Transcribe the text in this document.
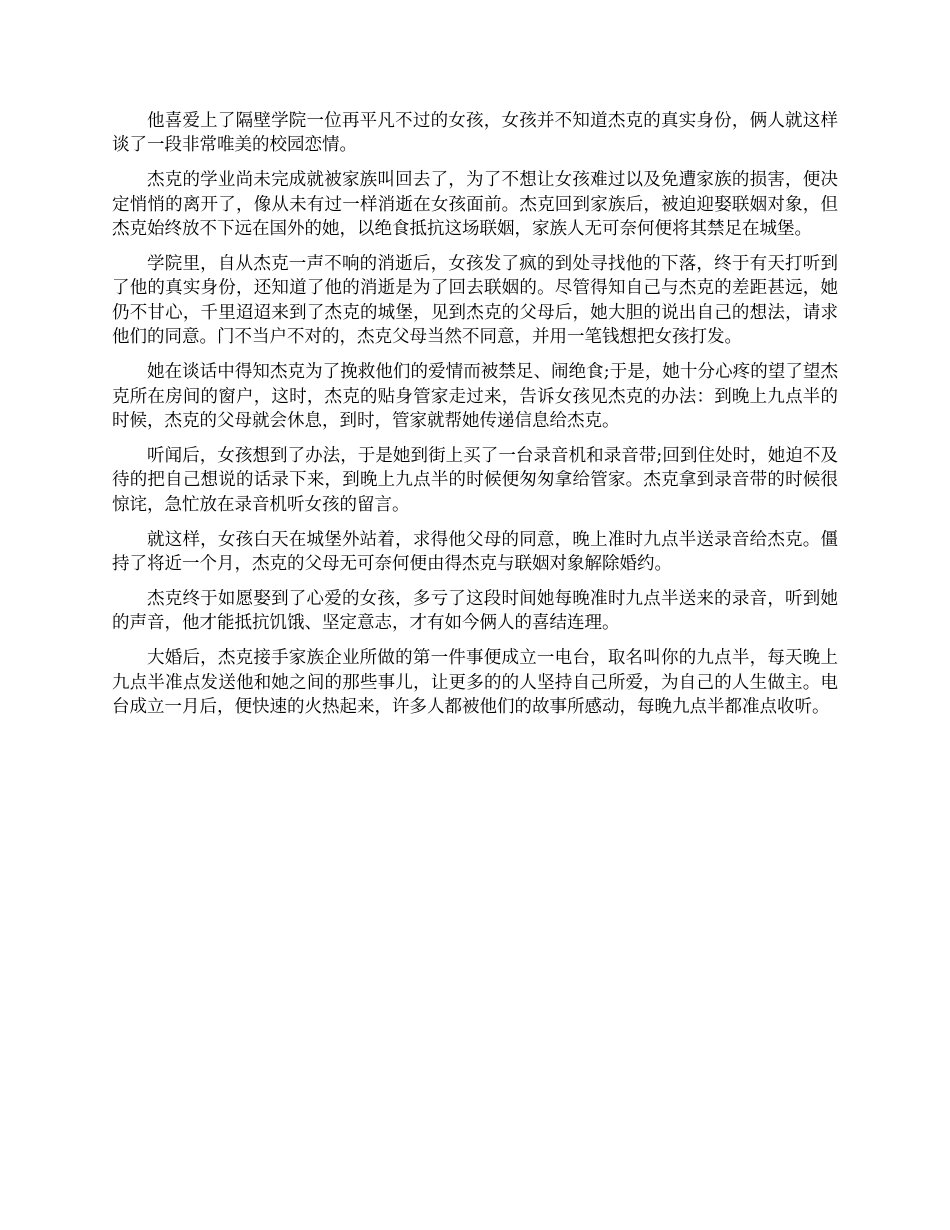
他喜爱上了隔壁学院一位再平凡不过的女孩，女孩并不知道杰克的真实身份，俩人就这样谈了一段非常唯美的校园恋情。

杰克的学业尚未完成就被家族叫回去了，为了不想让女孩难过以及免遭家族的损害，便决定悄悄的离开了，像从未有过一样消逝在女孩面前。杰克回到家族后，被迫迎娶联姻对象，但杰克始终放不下远在国外的她，以绝食抵抗这场联姻，家族人无可奈何便将其禁足在城堡。

学院里，自从杰克一声不响的消逝后，女孩发了疯的到处寻找他的下落，终于有天打听到了他的真实身份，还知道了他的消逝是为了回去联姻的。尽管得知自己与杰克的差距甚远，她仍不甘心，千里迢迢来到了杰克的城堡，见到杰克的父母后，她大胆的说出自己的想法，请求他们的同意。门不当户不对的，杰克父母当然不同意，并用一笔钱想把女孩打发。

她在谈话中得知杰克为了挽救他们的爱情而被禁足、闹绝食;于是，她十分心疼的望了望杰克所在房间的窗户，这时，杰克的贴身管家走过来，告诉女孩见杰克的办法：到晚上九点半的时候，杰克的父母就会休息，到时，管家就帮她传递信息给杰克。

听闻后，女孩想到了办法，于是她到街上买了一台录音机和录音带;回到住处时，她迫不及待的把自己想说的话录下来，到晚上九点半的时候便匆匆拿给管家。杰克拿到录音带的时候很惊诧，急忙放在录音机听女孩的留言。

就这样，女孩白天在城堡外站着，求得他父母的同意，晚上准时九点半送录音给杰克。僵持了将近一个月，杰克的父母无可奈何便由得杰克与联姻对象解除婚约。

杰克终于如愿娶到了心爱的女孩，多亏了这段时间她每晚准时九点半送来的录音，听到她的声音，他才能抵抗饥饿、坚定意志，才有如今俩人的喜结连理。

大婚后，杰克接手家族企业所做的第一件事便成立一电台，取名叫你的九点半，每天晚上九点半准点发送他和她之间的那些事儿，让更多的的人坚持自己所爱，为自己的人生做主。电台成立一月后，便快速的火热起来，许多人都被他们的故事所感动，每晚九点半都准点收听。
